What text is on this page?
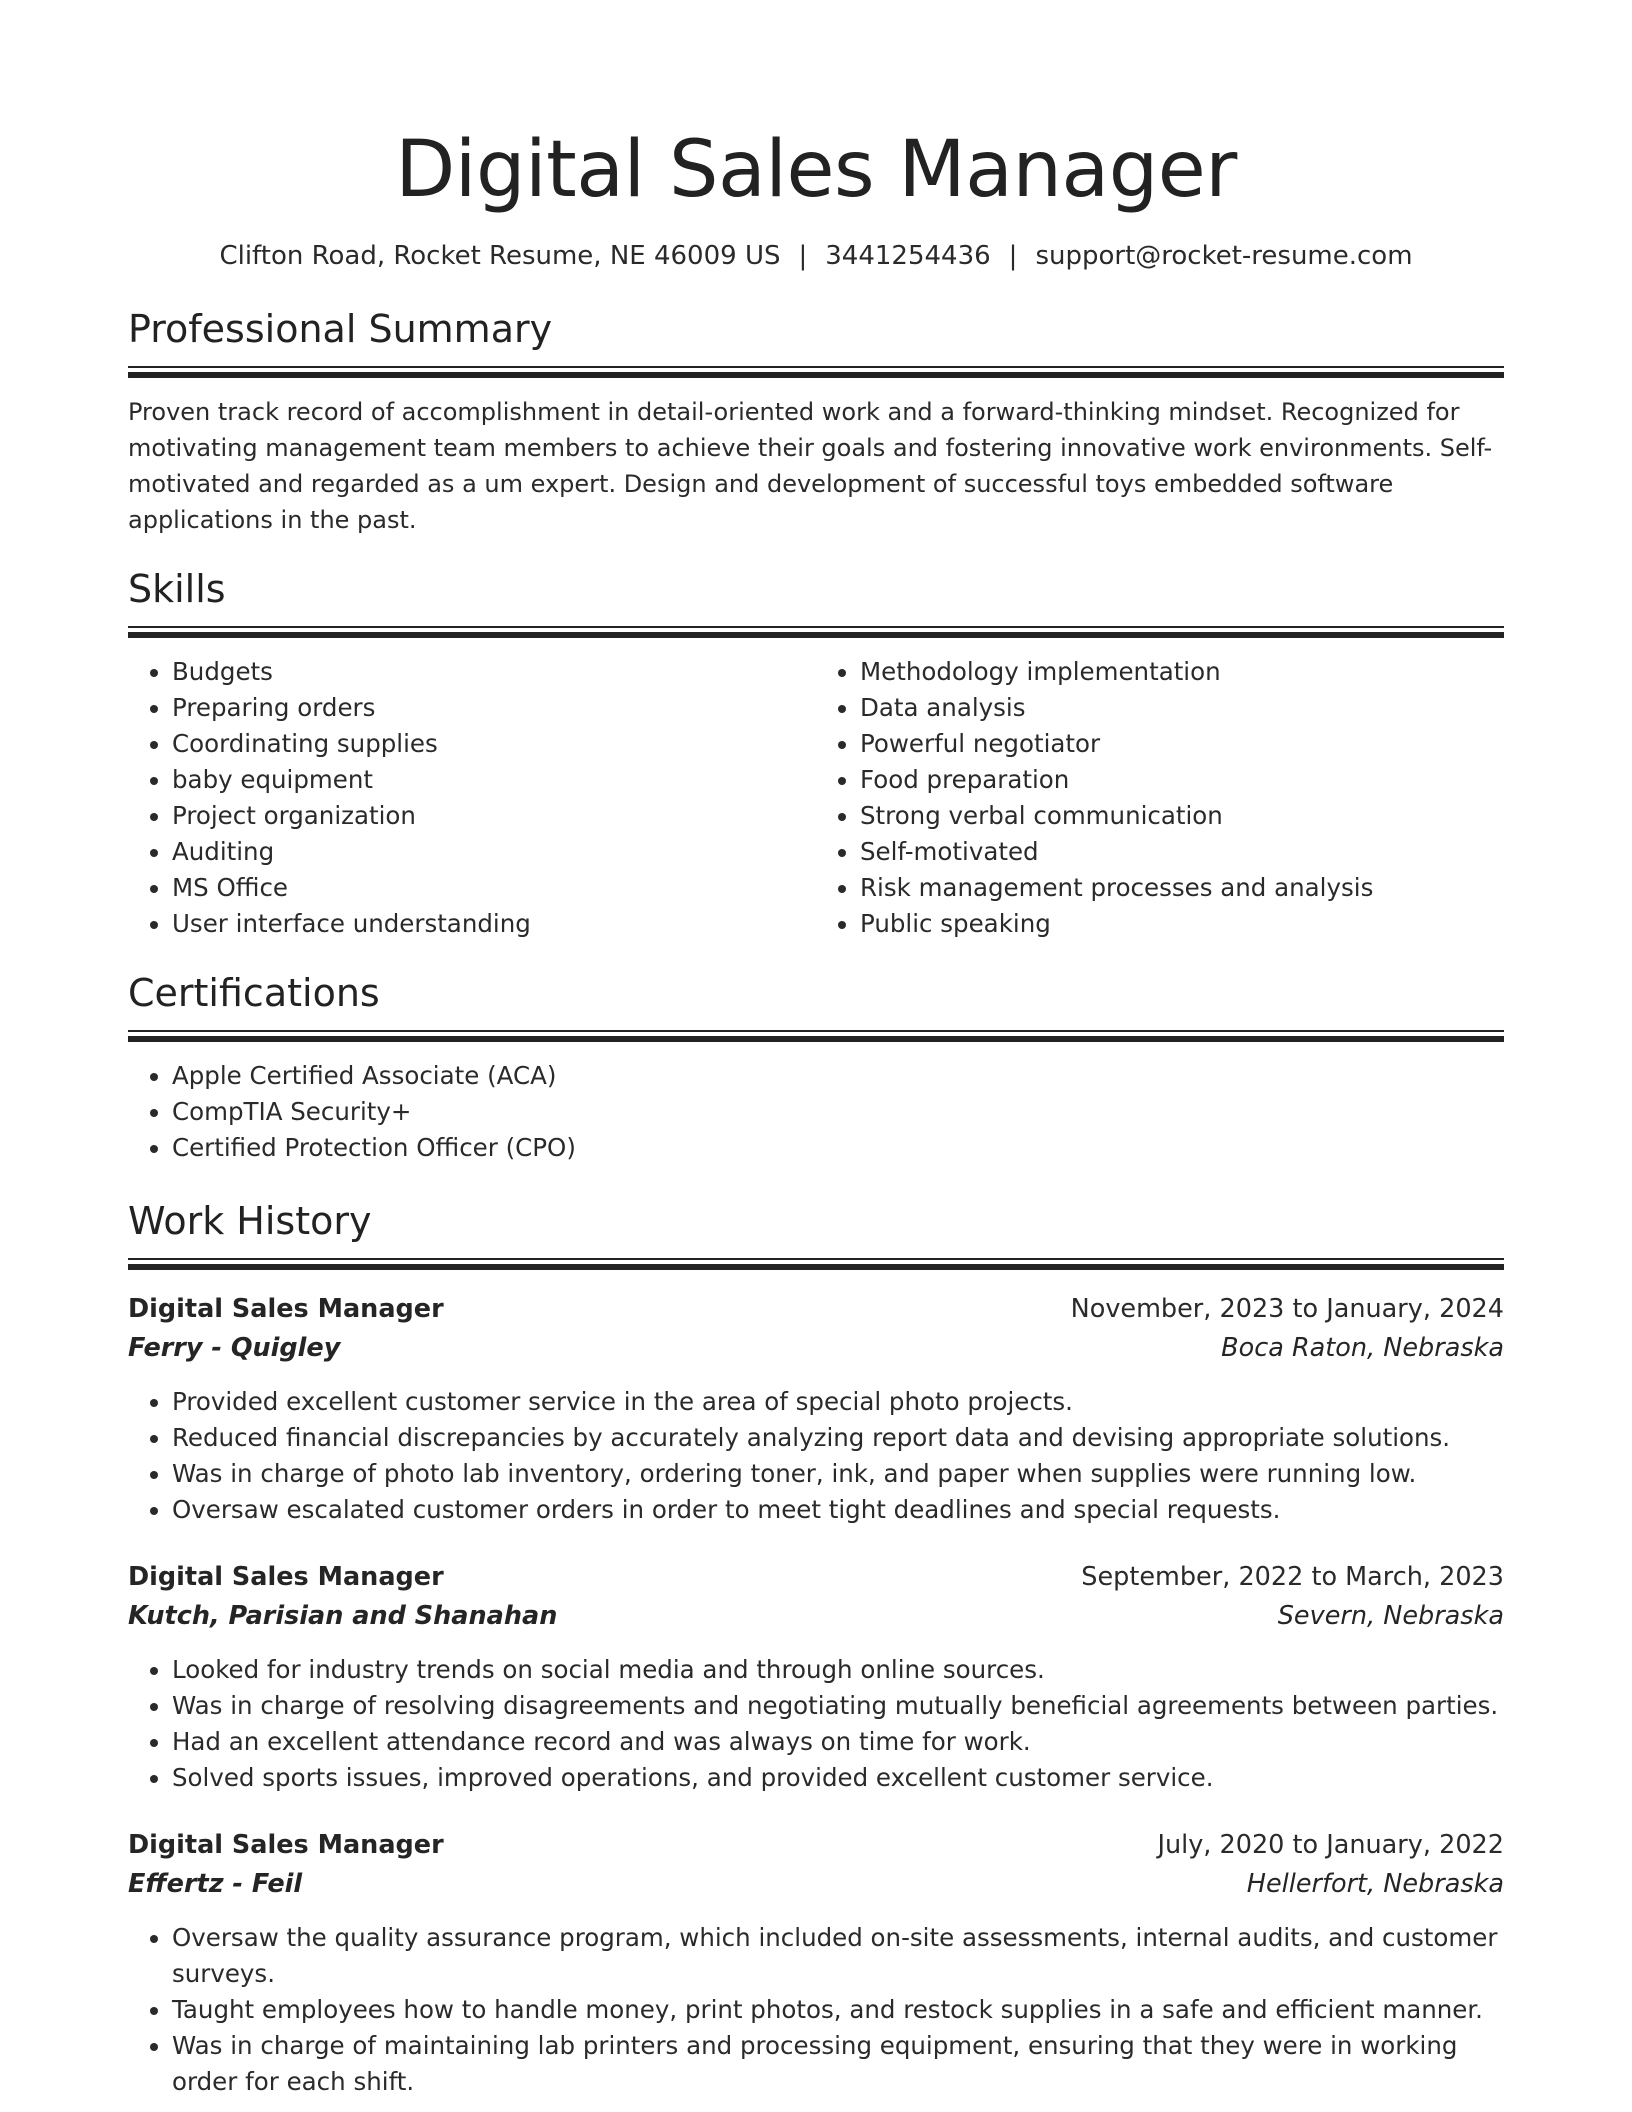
Digital Sales Manager
Clifton Road, Rocket Resume, NE 46009 US | 3441254436 | support@rocket-resume.com
Professional Summary
Proven track record of accomplishment in detail-oriented work and a forward-thinking mindset. Recognized for motivating management team members to achieve their goals and fostering innovative work environments. Self-motivated and regarded as a um expert. Design and development of successful toys embedded software applications in the past.
Skills
• Budgets
• Preparing orders
• Coordinating supplies
• baby equipment
• Project organization
• Auditing
• MS Office
• User interface understanding
• Methodology implementation
• Data analysis
• Powerful negotiator
• Food preparation
• Strong verbal communication
• Self-motivated
• Risk management processes and analysis
• Public speaking
Certifications
• Apple Certified Associate (ACA)
• CompTIA Security+
• Certified Protection Officer (CPO)
Work History
Digital Sales Manager	November, 2023 to January, 2024
Ferry - Quigley	Boca Raton, Nebraska
• Provided excellent customer service in the area of special photo projects.
• Reduced financial discrepancies by accurately analyzing report data and devising appropriate solutions.
• Was in charge of photo lab inventory, ordering toner, ink, and paper when supplies were running low.
• Oversaw escalated customer orders in order to meet tight deadlines and special requests.
Digital Sales Manager	September, 2022 to March, 2023
Kutch, Parisian and Shanahan	Severn, Nebraska
• Looked for industry trends on social media and through online sources.
• Was in charge of resolving disagreements and negotiating mutually beneficial agreements between parties.
• Had an excellent attendance record and was always on time for work.
• Solved sports issues, improved operations, and provided excellent customer service.
Digital Sales Manager	July, 2020 to January, 2022
Effertz - Feil	Hellerfort, Nebraska
• Oversaw the quality assurance program, which included on-site assessments, internal audits, and customer surveys.
• Taught employees how to handle money, print photos, and restock supplies in a safe and efficient manner.
• Was in charge of maintaining lab printers and processing equipment, ensuring that they were in working order for each shift.
